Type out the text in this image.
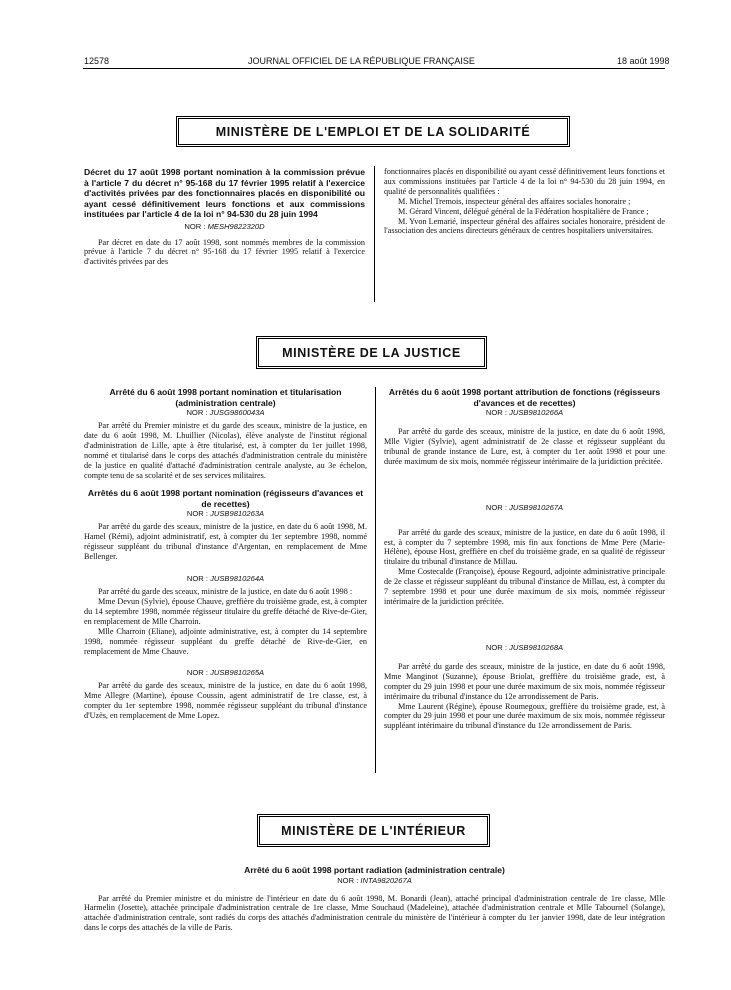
12578	JOURNAL OFFICIEL DE LA RÉPUBLIQUE FRANÇAISE	18 août 1998
MINISTÈRE DE L'EMPLOI ET DE LA SOLIDARITÉ
Décret du 17 août 1998 portant nomination à la commission prévue à l'article 7 du décret n° 95-168 du 17 février 1995 relatif à l'exercice d'activités privées par des fonctionnaires placés en disponibilité ou ayant cessé définitivement leurs fonctions et aux commissions instituées par l'article 4 de la loi n° 94-530 du 28 juin 1994
NOR : MESH9822320D

Par décret en date du 17 août 1998, sont nommés membres de la commission prévue à l'article 7 du décret n° 95-168 du 17 février 1995 relatif à l'exercice d'activités privées par des

fonctionnaires placés en disponibilité ou ayant cessé définitivement leurs fonctions et aux commissions instituées par l'article 4 de la loi n° 94-530 du 28 juin 1994, en qualité de personnalités qualifiées :

M. Michel Tremois, inspecteur général des affaires sociales honoraire ;

M. Gérard Vincent, délégué général de la Fédération hospitalière de France ;

M. Yvon Lemarié, inspecteur général des affaires sociales honoraire, président de l'association des anciens directeurs généraux de centres hospitaliers universitaires.

MINISTÈRE DE LA JUSTICE
Arrêté du 6 août 1998 portant nomination et titularisation (administration centrale)
NOR : JUSG9860043A

Par arrêté du Premier ministre et du garde des sceaux, ministre de la justice, en date du 6 août 1998, M. Lhuillier (Nicolas), élève analyste de l'institut régional d'administration de Lille, apte à être titularisé, est, à compter du 1er juillet 1998, nommé et titularisé dans le corps des attachés d'administration centrale du ministère de la justice en qualité d'attaché d'administration centrale analyste, au 3e échelon, compte tenu de sa scolarité et de ses services militaires.

Arrêtés du 6 août 1998 portant nomination (régisseurs d'avances et de recettes)
NOR : JUSB9810263A

Par arrêté du garde des sceaux, ministre de la justice, en date du 6 août 1998, M. Hamel (Rémi), adjoint administratif, est, à compter du 1er septembre 1998, nommé régisseur suppléant du tribunal d'instance d'Argentan, en remplacement de Mme Bellenger.

NOR : JUSB9810264A

Par arrêté du garde des sceaux, ministre de la justice, en date du 6 août 1998 :

Mme Devun (Sylvie), épouse Chauve, greffière du troisième grade, est, à compter du 14 septembre 1998, nommée régisseur titulaire du greffe détaché de Rive-de-Gier, en remplacement de Mlle Charroin.

Mlle Charroin (Eliane), adjointe administrative, est, à compter du 14 septembre 1998, nommée régisseur suppléant du greffe détaché de Rive-de-Gier, en remplacement de Mme Chauve.

NOR : JUSB9810265A

Par arrêté du garde des sceaux, ministre de la justice, en date du 6 août 1998, Mme Allegre (Martine), épouse Coussin, agent administratif de 1re classe, est, à compter du 1er septembre 1998, nommée régisseur suppléant du tribunal d'instance d'Uzès, en remplacement de Mme Lopez.

Arrêtés du 6 août 1998 portant attribution de fonctions (régisseurs d'avances et de recettes)
NOR : JUSB9810266A

Par arrêté du garde des sceaux, ministre de la justice, en date du 6 août 1998, Mlle Vigier (Sylvie), agent administratif de 2e classe et régisseur suppléant du tribunal de grande instance de Lure, est, à compter du 1er août 1998 et pour une durée maximum de six mois, nommée régisseur intérimaire de la juridiction précitée.

NOR : JUSB9810267A

Par arrêté du garde des sceaux, ministre de la justice, en date du 6 août 1998, il est, à compter du 7 septembre 1998, mis fin aux fonctions de Mme Pere (Marie-Hélène), épouse Host, greffière en chef du troisième grade, en sa qualité de régisseur titulaire du tribunal d'instance de Millau.

Mme Costecalde (Françoise), épouse Regourd, adjointe administrative principale de 2e classe et régisseur suppléant du tribunal d'instance de Millau, est, à compter du 7 septembre 1998 et pour une durée maximum de six mois, nommée régisseur intérimaire de la juridiction précitée.

NOR : JUSB9810268A

Par arrêté du garde des sceaux, ministre de la justice, en date du 6 août 1998, Mme Manginot (Suzanne), épouse Briolat, greffière du troisième grade, est, à compter du 29 juin 1998 et pour une durée maximum de six mois, nommée régisseur intérimaire du tribunal d'instance du 12e arrondissement de Paris.

Mme Laurent (Régine), épouse Roumegoux, greffière du troisième grade, est, à compter du 29 juin 1998 et pour une durée maximum de six mois, nommée régisseur suppléant intérimaire du tribunal d'instance du 12e arrondissement de Paris.

MINISTÈRE DE L'INTÉRIEUR
Arrêté du 6 août 1998 portant radiation (administration centrale)
NOR : INTA9820267A

Par arrêté du Premier ministre et du ministre de l'intérieur en date du 6 août 1998, M. Bonardi (Jean), attaché principal d'administration centrale de 1re classe, Mlle Harmelin (Josette), attachée principale d'administration centrale de 1re classe, Mme Souchaud (Madeleine), attachée d'administration centrale et Mlle Tabournel (Solange), attachée d'administration centrale, sont radiés du corps des attachés d'administration centrale du ministère de l'intérieur à compter du 1er janvier 1998, date de leur intégration dans le corps des attachés de la ville de Paris.
